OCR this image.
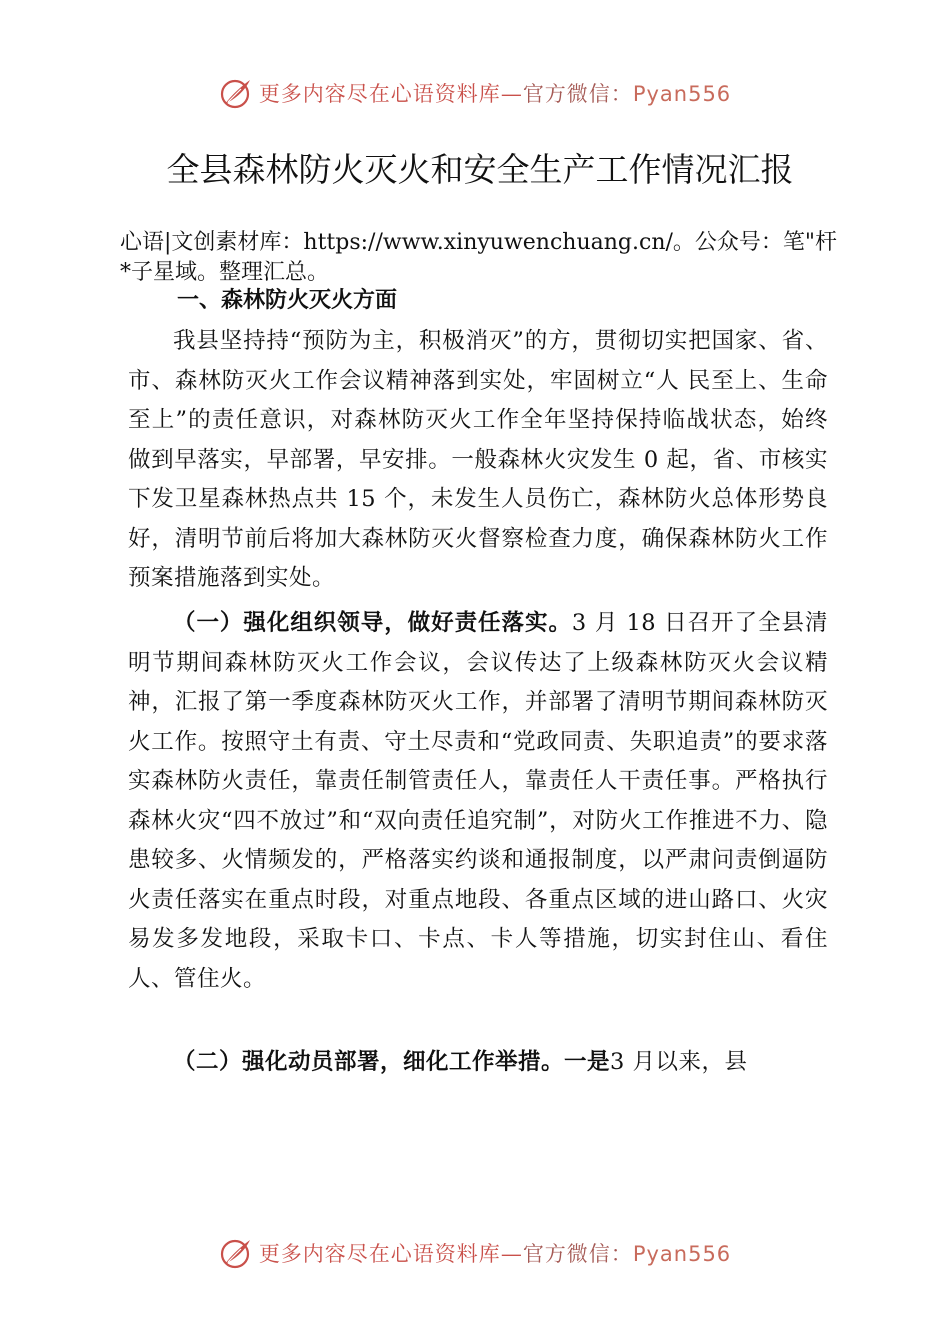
更多内容尽在心语资料库—官方微信：Pyan556
全县森林防火灭火和安全生产工作情况汇报
心语|文创素材库：https://www.xinyuwenchuang.cn/。公众号：笔"杆*子星域。整理汇总。
一、森林防火灭火方面
我县坚持持“预防为主，积极消灭”的方，贯彻切实把国家、省、市、森林防灭火工作会议精神落到实处，牢固树立“人 民至上、生命至上”的责任意识，对森林防灭火工作全年坚持保持临战状态，始终做到早落实，早部署，早安排。一般森林火灾发生 0 起，省、市核实下发卫星森林热点共 15 个，未发生人员伤亡，森林防火总体形势良好，清明节前后将加大森林防灭火督察检查力度，确保森林防火工作预案措施落到实处。
（一）强化组织领导，做好责任落实。3 月 18 日召开了全县清明节期间森林防灭火工作会议，会议传达了上级森林防灭火会议精神，汇报了第一季度森林防灭火工作，并部署了清明节期间森林防灭火工作。按照守土有责、守土尽责和“党政同责、失职追责”的要求落实森林防火责任，靠责任制管责任人，靠责任人干责任事。严格执行森林火灾“四不放过”和“双向责任追究制”，对防火工作推进不力、隐患较多、火情频发的，严格落实约谈和通报制度，以严肃问责倒逼防火责任落实在重点时段，对重点地段、各重点区域的进山路口、火灾易发多发地段，采取卡口、卡点、卡人等措施，切实封住山、看住人、管住火。
（二）强化动员部署，细化工作举措。一是3 月以来，县
更多内容尽在心语资料库—官方微信：Pyan556
